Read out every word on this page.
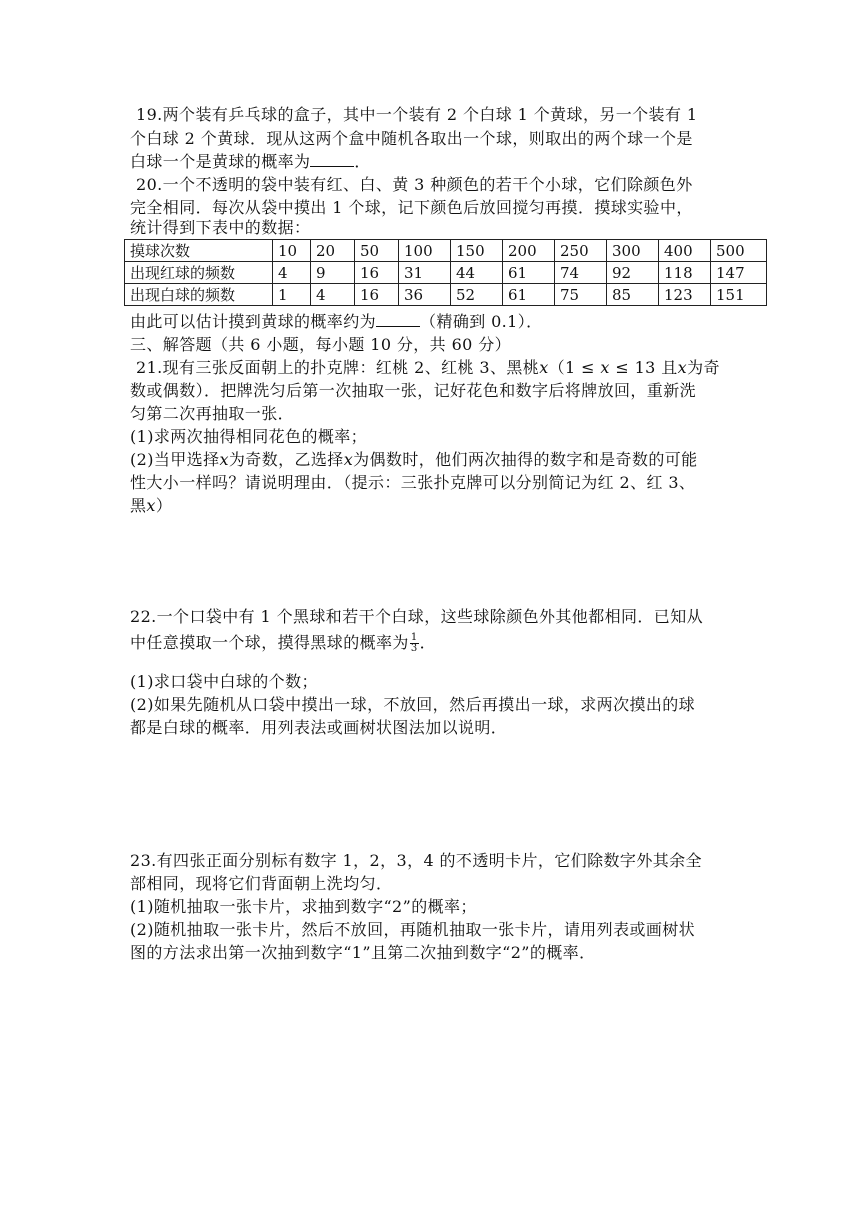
19.两个装有乒乓球的盒子，其中一个装有 2 个白球 1 个黄球，另一个装有 1
个白球 2 个黄球．现从这两个盒中随机各取出一个球，则取出的两个球一个是
白球一个是黄球的概率为	．
20.一个不透明的袋中装有红、白、黄 3 种颜色的若干个小球，它们除颜色外
完全相同．每次从袋中摸出 1 个球，记下颜色后放回搅匀再摸．摸球实验中，
统计得到下表中的数据：
摸球次数	10	20	50	100	150	200	250	300	400	500
出现红球的频数	4	9	16	31	44	61	74	92	118	147
出现白球的频数	1	4	16	36	52	61	75	85	123	151
由此可以估计摸到黄球的概率约为	（精确到 0.1）．
三、解答题（共 6 小题，每小题 10 分，共 60 分）
21.现有三张反面朝上的扑克牌：红桃 2、红桃 3、黑桃x（1 ≤ x ≤ 13 且x为奇
数或偶数）．把牌洗匀后第一次抽取一张，记好花色和数字后将牌放回，重新洗
匀第二次再抽取一张．
(1)求两次抽得相同花色的概率；
(2)当甲选择x为奇数，乙选择x为偶数时，他们两次抽得的数字和是奇数的可能
性大小一样吗？请说明理由．（提示：三张扑克牌可以分别简记为红 2、红 3、
黑x）
22.一个口袋中有 1 个黑球和若干个白球，这些球除颜色外其他都相同．已知从
中任意摸取一个球，摸得黑球的概率为 $\frac{1}{3}$ ．
(1)求口袋中白球的个数；
(2)如果先随机从口袋中摸出一球，不放回，然后再摸出一球，求两次摸出的球
都是白球的概率．用列表法或画树状图法加以说明．
23.有四张正面分别标有数字 1，2，3，4 的不透明卡片，它们除数字外其余全
部相同，现将它们背面朝上洗均匀．
(1)随机抽取一张卡片，求抽到数字“2”的概率；
(2)随机抽取一张卡片，然后不放回，再随机抽取一张卡片，请用列表或画树状
图的方法求出第一次抽到数字“1”且第二次抽到数字“2”的概率．
